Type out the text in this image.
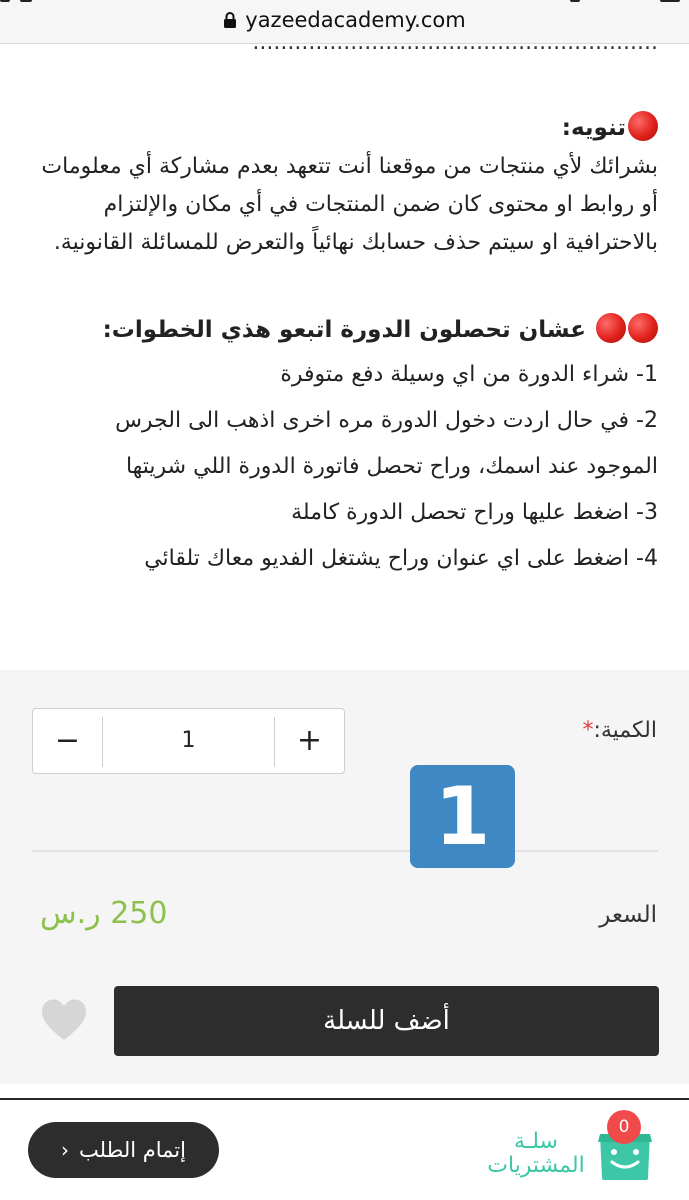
yazeedacademy.com
..........................................................
تنويه:
بشرائك لأي منتجات من موقعنا أنت تتعهد بعدم مشاركة أي معلومات أو روابط او محتوى كان ضمن المنتجات في أي مكان والإلتزام بالاحترافية او سيتم حذف حسابك نهائياً والتعرض للمسائلة القانونية.
عشان تحصلون الدورة اتبعو هذي الخطوات:
1- شراء الدورة من اي وسيلة دفع متوفرة
2- في حال اردت دخول الدورة مره اخرى اذهب الى الجرس الموجود عند اسمك، وراح تحصل فاتورة الدورة اللي شريتها
3- اضغط عليها وراح تحصل الدورة كاملة
4- اضغط على اي عنوان وراح يشتغل الفديو معاك تلقائي
الكمية:*
−	1	+
1
السعر
250 ر.س
أضف للسلة
إتمام الطلب‹	سلـة
المشتريات
0
